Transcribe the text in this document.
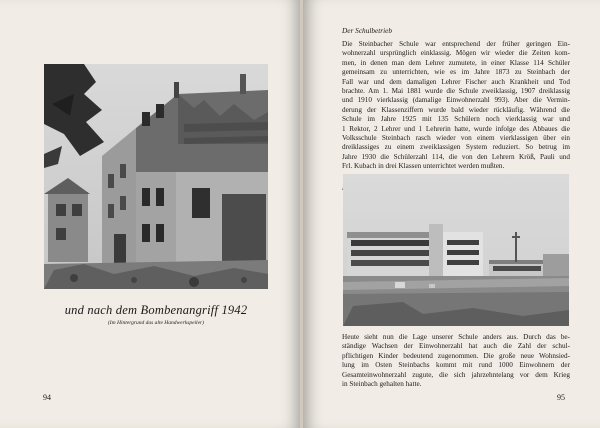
und nach dem Bombenangriff 1942
(Im Hintergrund das alte Handwerkspeiler)
94
Der Schulbetrieb
Die Steinbacher Schule war entsprechend der früher geringen Ein-
wohnerzahl ursprünglich einklassig. Mögen wir wieder die Zeiten kom-
men, in denen man dem Lehrer zumutete, in einer Klasse 114 Schüler
gemeinsam zu unterrichten, wie es im Jahre 1873 zu Steinbach der
Fall war und dem damaligen Lehrer Fischer auch Krankheit und Tod
brachte. Am 1. Mai 1881 wurde die Schule zweiklassig, 1907 dreiklassig
und 1910 vierklassig (damalige Einwohnerzahl 993). Aber die Vermin-
derung der Klassenziffern wurde bald wieder rückläufig. Während die
Schule im Jahre 1925 mit 135 Schülern noch vierklassig war und
1 Rektor, 2 Lehrer und 1 Lehrerin hatte, wurde infolge des Abbaues die
Volksschule Steinbach rasch wieder von einem vierklassigen über ein
dreiklassiges zu einem zweiklassigen System reduziert. So betrug im
Jahre 1930 die Schülerzahl 114, die von den Lehrern Kröß, Pauli und
Frl. Kubach in drei Klassen unterrichtet werden mußten.
Heute sieht nun die Lage unserer Schule anders aus. Durch das be-
ständige Wachsen der Einwohnerzahl hat auch die Zahl der schul-
pflichtigen Kinder bedeutend zugenommen. Die große neue Wohnsied-
lung im Osten Steinbachs kommt mit rund 1000 Einwohnern der
Gesamteinwohnerzahl zugute, die sich jahrzehntelang vor dem Krieg
in Steinbach gehalten hatte.
95
